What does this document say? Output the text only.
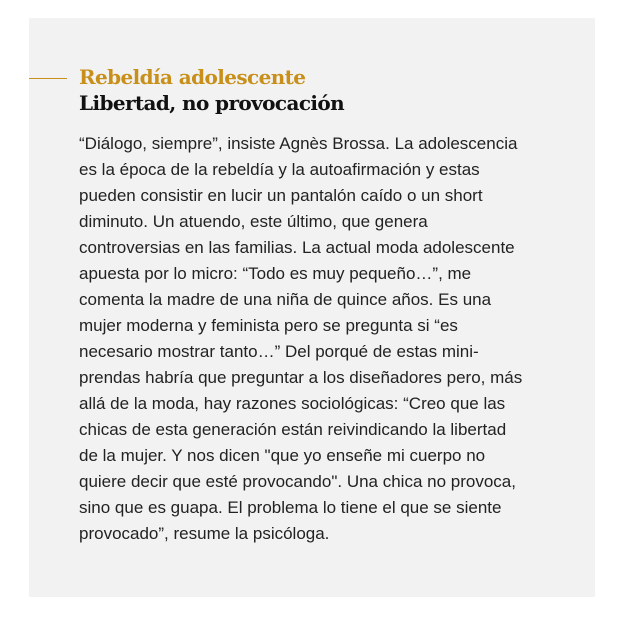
Rebeldía adolescente
Libertad, no provocación
“Diálogo, siempre”, insiste Agnès Brossa. La adolescencia
es la época de la rebeldía y la autoafirmación y estas
pueden consistir en lucir un pantalón caído o un short
diminuto. Un atuendo, este último, que genera
controversias en las familias. La actual moda adolescente
apuesta por lo micro: “Todo es muy pequeño…”, me
comenta la madre de una niña de quince años. Es una
mujer moderna y feminista pero se pregunta si “es
necesario mostrar tanto…” Del porqué de estas mini-
prendas habría que preguntar a los diseñadores pero, más
allá de la moda, hay razones sociológicas: “Creo que las
chicas de esta generación están reivindicando la libertad
de la mujer. Y nos dicen "que yo enseñe mi cuerpo no
quiere decir que esté provocando". Una chica no provoca,
sino que es guapa. El problema lo tiene el que se siente
provocado”, resume la psicóloga.
